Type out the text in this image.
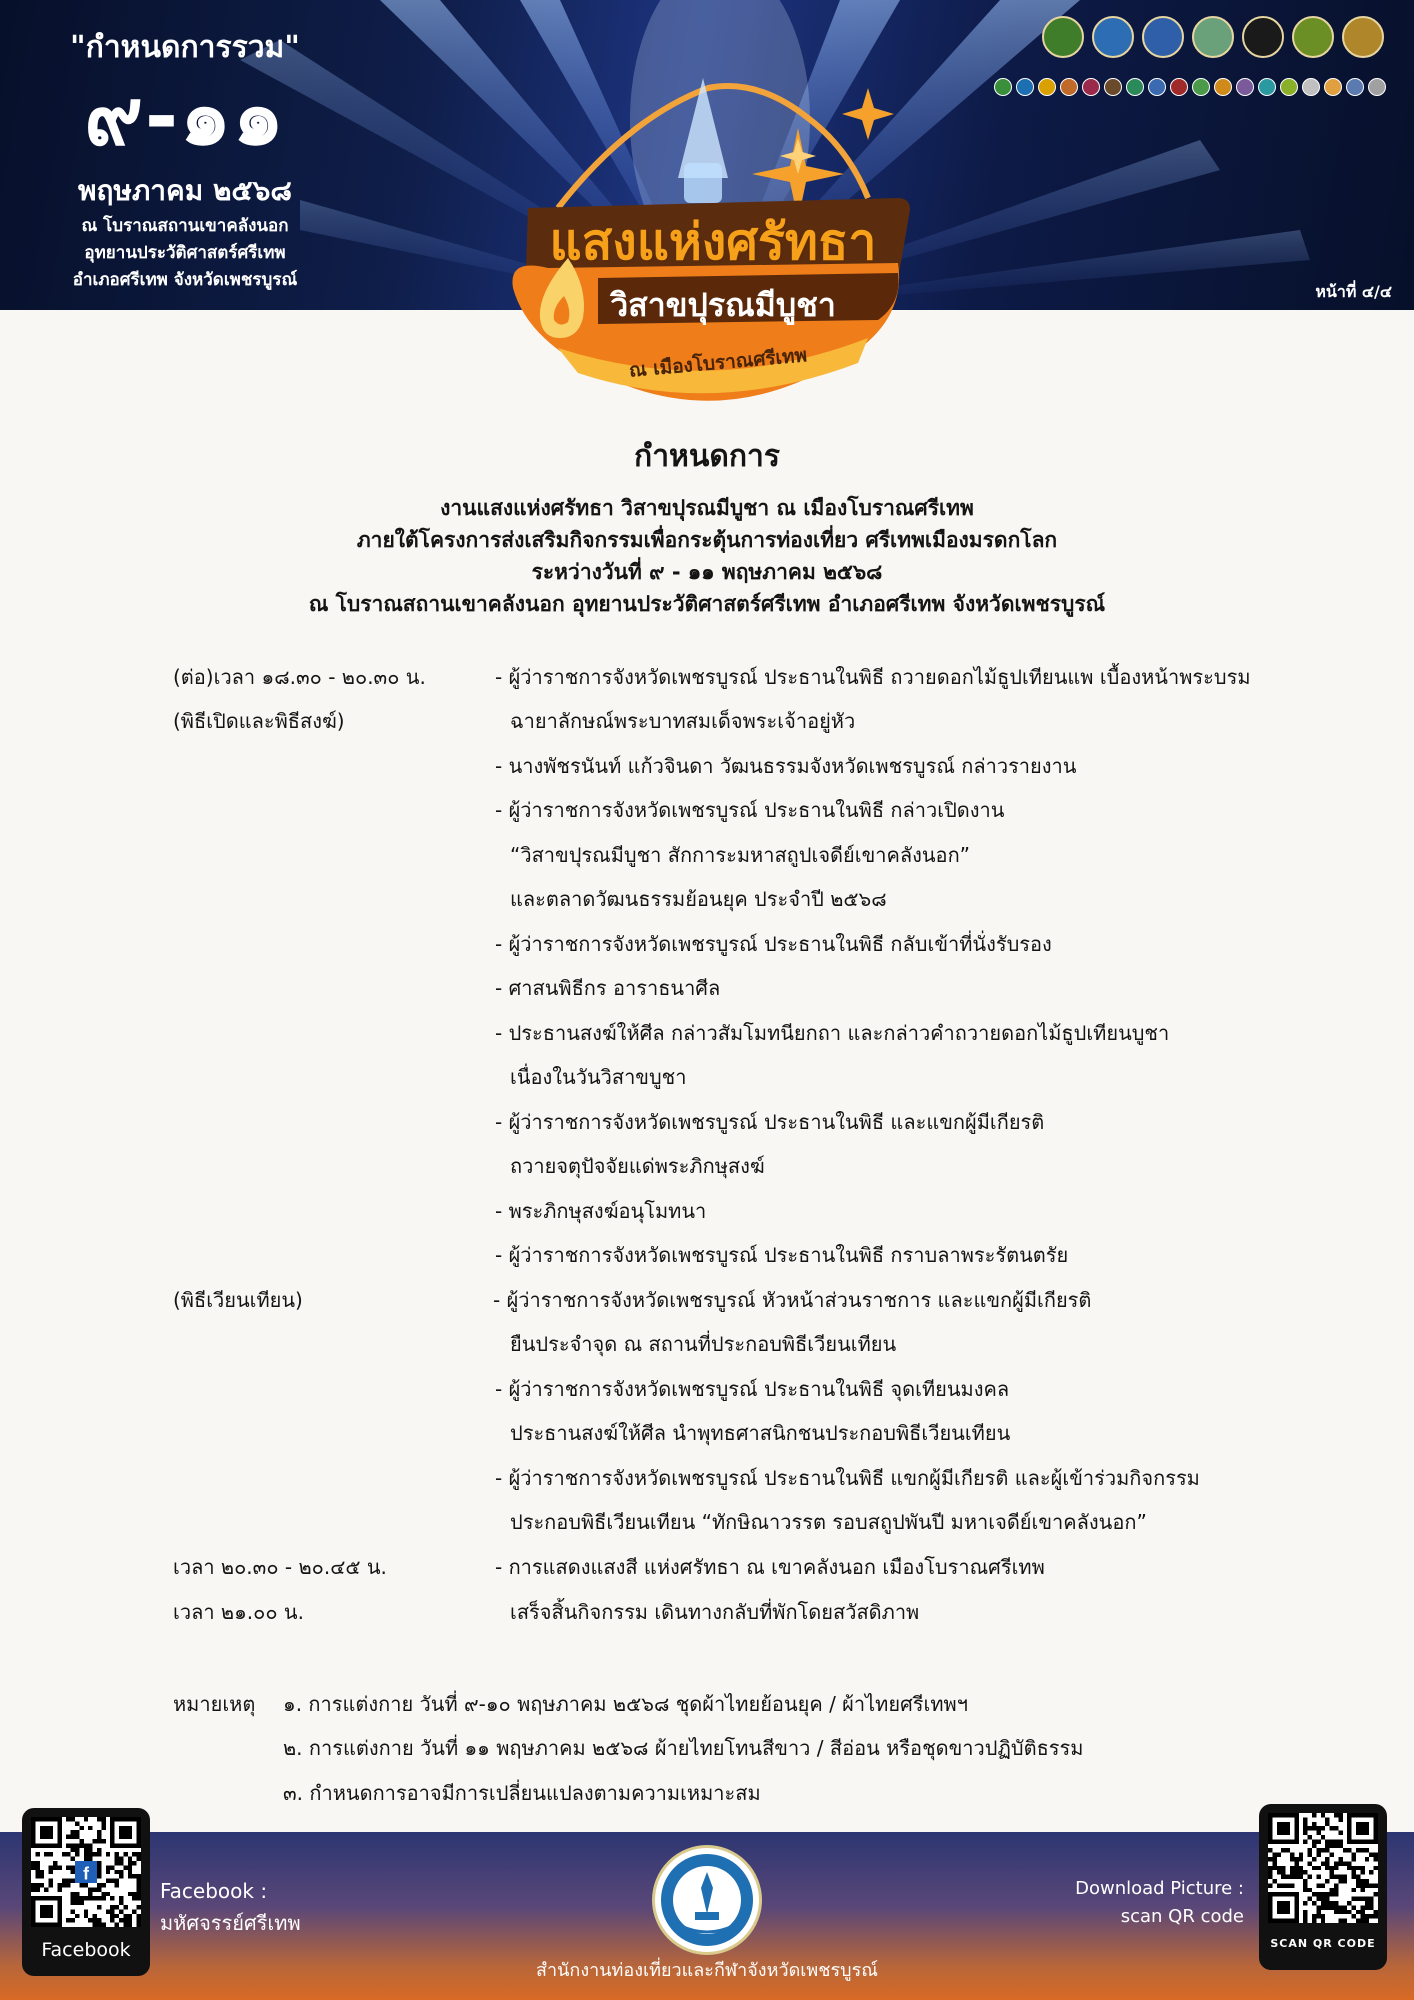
"กำหนดการรวม"
๙-๑๑
พฤษภาคม ๒๕๖๘
ณ โบราณสถานเขาคลังนอก
อุทยานประวัติศาสตร์ศรีเทพ
อำเภอศรีเทพ จังหวัดเพชรบูรณ์
หน้าที่ ๔/๔
แสงแห่งศรัทธา
วิสาขปุรณมีบูชา
ณ เมืองโบราณศรีเทพ
กำหนดการ
งานแสงแห่งศรัทธา วิสาขปุรณมีบูชา ณ เมืองโบราณศรีเทพ
ภายใต้โครงการส่งเสริมกิจกรรมเพื่อกระตุ้นการท่องเที่ยว ศรีเทพเมืองมรดกโลก
ระหว่างวันที่ ๙ - ๑๑ พฤษภาคม ๒๕๖๘
ณ โบราณสถานเขาคลังนอก อุทยานประวัติศาสตร์ศรีเทพ อำเภอศรีเทพ จังหวัดเพชรบูรณ์
(ต่อ)เวลา ๑๘.๓๐ - ๒๐.๓๐ น.
(พิธีเปิดและพิธีสงฆ์)
(พิธีเวียนเทียน)
เวลา ๒๐.๓๐ - ๒๐.๔๕ น.
เวลา ๒๑.๐๐ น.
- ผู้ว่าราชการจังหวัดเพชรบูรณ์ ประธานในพิธี ถวายดอกไม้ธูปเทียนแพ เบื้องหน้าพระบรม
ฉายาลักษณ์พระบาทสมเด็จพระเจ้าอยู่หัว
- นางพัชรนันท์ แก้วจินดา วัฒนธรรมจังหวัดเพชรบูรณ์ กล่าวรายงาน
- ผู้ว่าราชการจังหวัดเพชรบูรณ์ ประธานในพิธี กล่าวเปิดงาน
“วิสาขปุรณมีบูชา สักการะมหาสถูปเจดีย์เขาคลังนอก”
และตลาดวัฒนธรรมย้อนยุค ประจำปี ๒๕๖๘
- ผู้ว่าราชการจังหวัดเพชรบูรณ์ ประธานในพิธี กลับเข้าที่นั่งรับรอง
- ศาสนพิธีกร อาราธนาศีล
- ประธานสงฆ์ให้ศีล กล่าวสัมโมทนียกถา และกล่าวคำถวายดอกไม้ธูปเทียนบูชา
เนื่องในวันวิสาขบูชา
- ผู้ว่าราชการจังหวัดเพชรบูรณ์ ประธานในพิธี และแขกผู้มีเกียรติ
ถวายจตุปัจจัยแด่พระภิกษุสงฆ์
- พระภิกษุสงฆ์อนุโมทนา
- ผู้ว่าราชการจังหวัดเพชรบูรณ์ ประธานในพิธี กราบลาพระรัตนตรัย
- ผู้ว่าราชการจังหวัดเพชรบูรณ์ หัวหน้าส่วนราชการ และแขกผู้มีเกียรติ
ยืนประจำจุด ณ สถานที่ประกอบพิธีเวียนเทียน
- ผู้ว่าราชการจังหวัดเพชรบูรณ์ ประธานในพิธี จุดเทียนมงคล
ประธานสงฆ์ให้ศีล นำพุทธศาสนิกชนประกอบพิธีเวียนเทียน
- ผู้ว่าราชการจังหวัดเพชรบูรณ์ ประธานในพิธี แขกผู้มีเกียรติ และผู้เข้าร่วมกิจกรรม
ประกอบพิธีเวียนเทียน “ทักษิณาวรรต รอบสถูปพันปี มหาเจดีย์เขาคลังนอก”
- การแสดงแสงสี แห่งศรัทธา ณ เขาคลังนอก เมืองโบราณศรีเทพ
เสร็จสิ้นกิจกรรม เดินทางกลับที่พักโดยสวัสดิภาพ
หมายเหตุ ๑. การแต่งกาย วันที่ ๙-๑๐ พฤษภาคม ๒๕๖๘ ชุดผ้าไทยย้อนยุค / ผ้าไทยศรีเทพฯ
๒. การแต่งกาย วันที่ ๑๑ พฤษภาคม ๒๕๖๘ ผ้ายไทยโทนสีขาว / สีอ่อน หรือชุดขาวปฏิบัติธรรม
๓. กำหนดการอาจมีการเปลี่ยนแปลงตามความเหมาะสม
f
Facebook
Facebook :
มหัศจรรย์ศรีเทพ
Download Picture :
scan QR code
SCAN QR CODE
สำนักงานท่องเที่ยวและกีฬาจังหวัดเพชรบูรณ์
